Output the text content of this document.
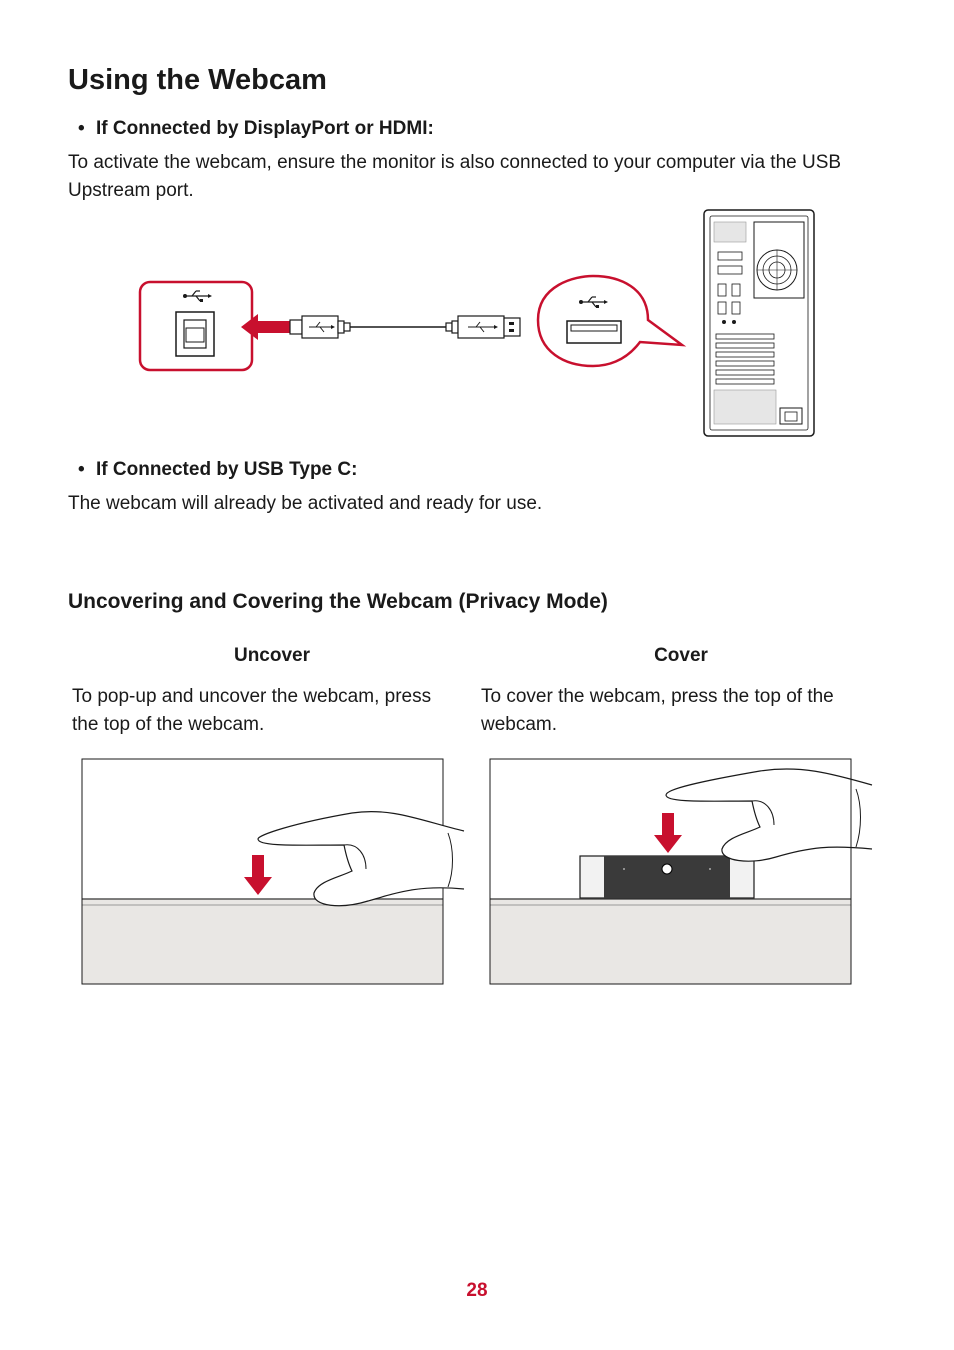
Using the Webcam
• If Connected by DisplayPort or HDMI:
To activate the webcam, ensure the monitor is also connected to your computer via the USB Upstream port.
• If Connected by USB Type C:
The webcam will already be activated and ready for use.
Uncovering and Covering the Webcam (Privacy Mode)
Uncover	Cover
To pop-up and uncover the webcam, press the top of the webcam.
To cover the webcam, press the top of the webcam.
28
